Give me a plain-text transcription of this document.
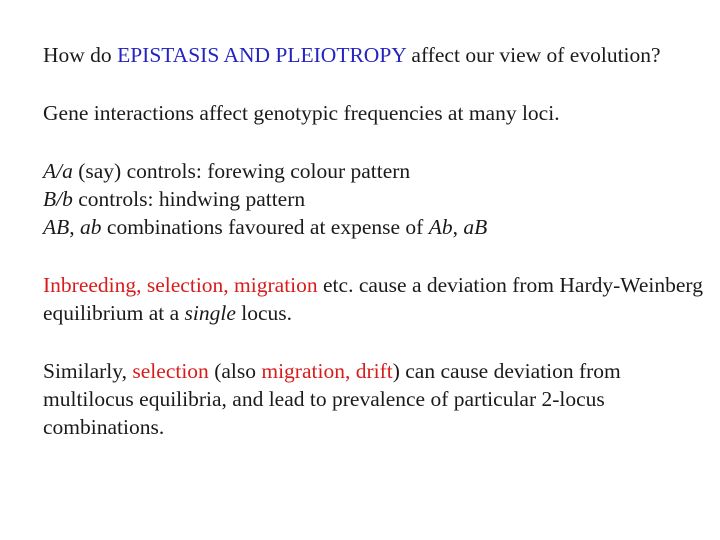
How do EPISTASIS AND PLEIOTROPY affect our view of evolution?

Gene interactions affect genotypic frequencies at many loci.

A/a (say) controls: forewing colour pattern
B/b controls: hindwing pattern
AB, ab combinations favoured at expense of Ab, aB

Inbreeding, selection, migration etc. cause a deviation from Hardy-Weinberg equilibrium at a single locus.

Similarly, selection (also migration, drift) can cause deviation from multilocus equilibria, and lead to prevalence of particular 2-locus combinations.
